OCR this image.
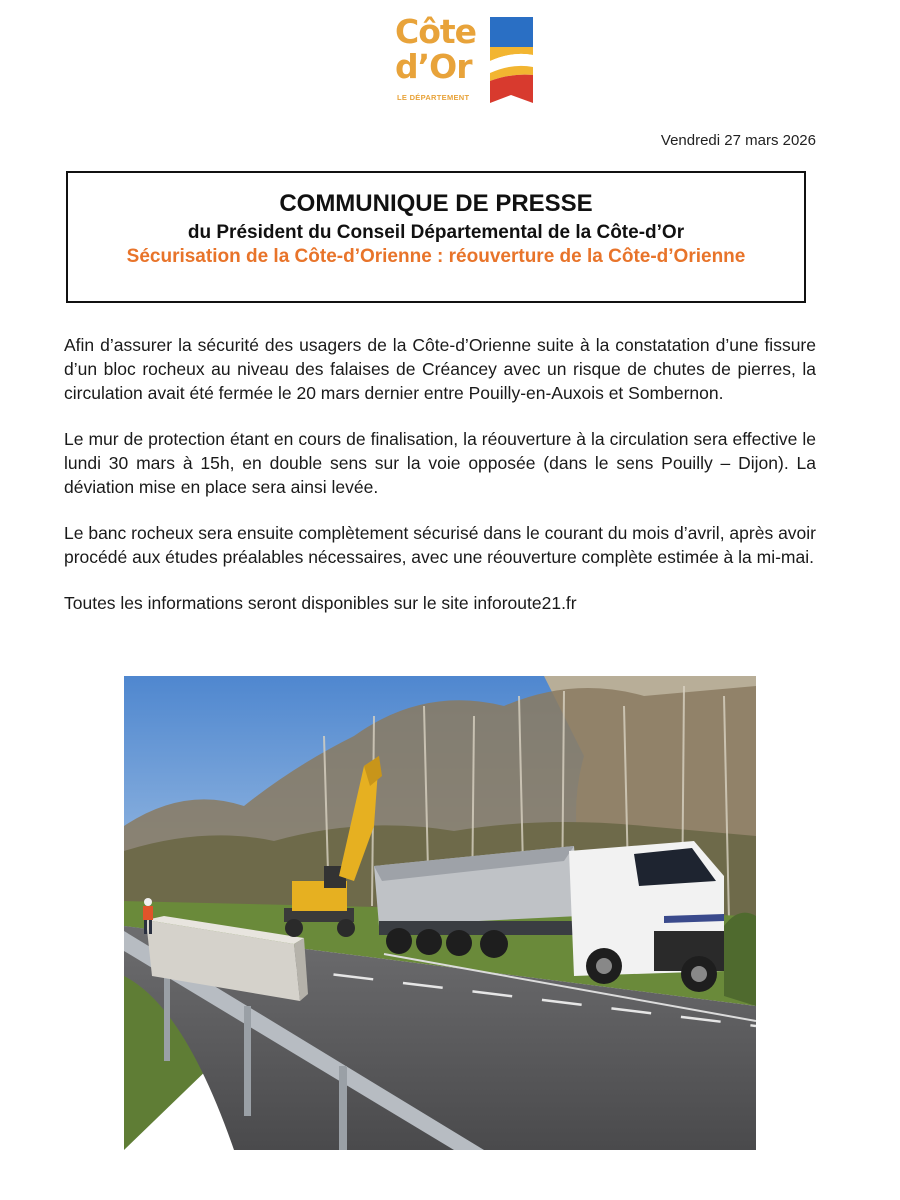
Côte
d’Or
LE DÉPARTEMENT
Vendredi 27 mars 2026
COMMUNIQUE DE PRESSE
du Président du Conseil Départemental de la Côte-d’Or
Sécurisation de la Côte-d’Orienne : réouverture de la Côte-d’Orienne

Afin d’assurer la sécurité des usagers de la Côte-d’Orienne suite à la constatation d’une fissure d’un bloc rocheux au niveau des falaises de Créancey avec un risque de chutes de pierres, la circulation avait été fermée le 20 mars dernier entre Pouilly-en-Auxois et Sombernon.

Le mur de protection étant en cours de finalisation, la réouverture à la circulation sera effective le lundi 30 mars à 15h, en double sens sur la voie opposée (dans le sens Pouilly – Dijon). La déviation mise en place sera ainsi levée.

Le banc rocheux sera ensuite complètement sécurisé dans le courant du mois d’avril, après avoir procédé aux études préalables nécessaires, avec une réouverture complète estimée à la mi-mai.

Toutes les informations seront disponibles sur le site inforoute21.fr
